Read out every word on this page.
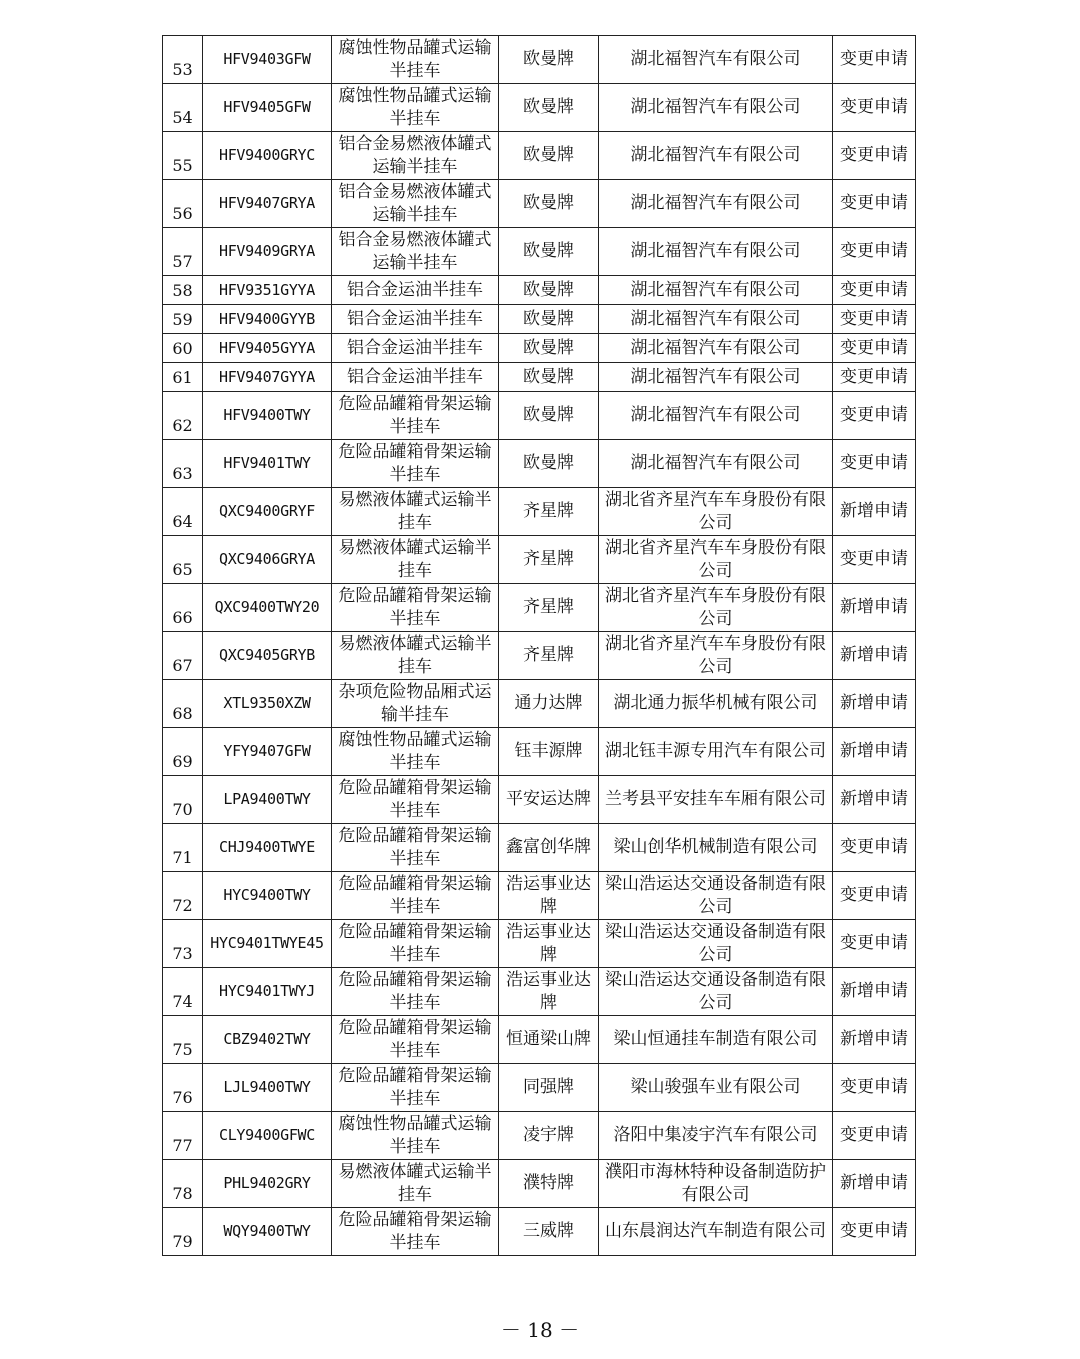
53	HFV9403GFW	腐蚀性物品罐式运输半挂车	欧曼牌	湖北福智汽车有限公司	变更申请
54	HFV9405GFW	腐蚀性物品罐式运输半挂车	欧曼牌	湖北福智汽车有限公司	变更申请
55	HFV9400GRYC	铝合金易燃液体罐式运输半挂车	欧曼牌	湖北福智汽车有限公司	变更申请
56	HFV9407GRYA	铝合金易燃液体罐式运输半挂车	欧曼牌	湖北福智汽车有限公司	变更申请
57	HFV9409GRYA	铝合金易燃液体罐式运输半挂车	欧曼牌	湖北福智汽车有限公司	变更申请
58	HFV9351GYYA	铝合金运油半挂车	欧曼牌	湖北福智汽车有限公司	变更申请
59	HFV9400GYYB	铝合金运油半挂车	欧曼牌	湖北福智汽车有限公司	变更申请
60	HFV9405GYYA	铝合金运油半挂车	欧曼牌	湖北福智汽车有限公司	变更申请
61	HFV9407GYYA	铝合金运油半挂车	欧曼牌	湖北福智汽车有限公司	变更申请
62	HFV9400TWY	危险品罐箱骨架运输半挂车	欧曼牌	湖北福智汽车有限公司	变更申请
63	HFV9401TWY	危险品罐箱骨架运输半挂车	欧曼牌	湖北福智汽车有限公司	变更申请
64	QXC9400GRYF	易燃液体罐式运输半挂车	齐星牌	湖北省齐星汽车车身股份有限公司	新增申请
65	QXC9406GRYA	易燃液体罐式运输半挂车	齐星牌	湖北省齐星汽车车身股份有限公司	变更申请
66	QXC9400TWY20	危险品罐箱骨架运输半挂车	齐星牌	湖北省齐星汽车车身股份有限公司	新增申请
67	QXC9405GRYB	易燃液体罐式运输半挂车	齐星牌	湖北省齐星汽车车身股份有限公司	新增申请
68	XTL9350XZW	杂项危险物品厢式运输半挂车	通力达牌	湖北通力振华机械有限公司	新增申请
69	YFY9407GFW	腐蚀性物品罐式运输半挂车	钰丰源牌	湖北钰丰源专用汽车有限公司	新增申请
70	LPA9400TWY	危险品罐箱骨架运输半挂车	平安运达牌	兰考县平安挂车车厢有限公司	新增申请
71	CHJ9400TWYE	危险品罐箱骨架运输半挂车	鑫富创华牌	梁山创华机械制造有限公司	变更申请
72	HYC9400TWY	危险品罐箱骨架运输半挂车	浩运事业达牌	梁山浩运达交通设备制造有限公司	变更申请
73	HYC9401TWYE45	危险品罐箱骨架运输半挂车	浩运事业达牌	梁山浩运达交通设备制造有限公司	变更申请
74	HYC9401TWYJ	危险品罐箱骨架运输半挂车	浩运事业达牌	梁山浩运达交通设备制造有限公司	新增申请
75	CBZ9402TWY	危险品罐箱骨架运输半挂车	恒通梁山牌	梁山恒通挂车制造有限公司	新增申请
76	LJL9400TWY	危险品罐箱骨架运输半挂车	同强牌	梁山骏强车业有限公司	变更申请
77	CLY9400GFWC	腐蚀性物品罐式运输半挂车	凌宇牌	洛阳中集凌宇汽车有限公司	变更申请
78	PHL9402GRY	易燃液体罐式运输半挂车	濮特牌	濮阳市海林特种设备制造防护有限公司	新增申请
79	WQY9400TWY	危险品罐箱骨架运输半挂车	三威牌	山东晨润达汽车制造有限公司	变更申请
－ 18 －
